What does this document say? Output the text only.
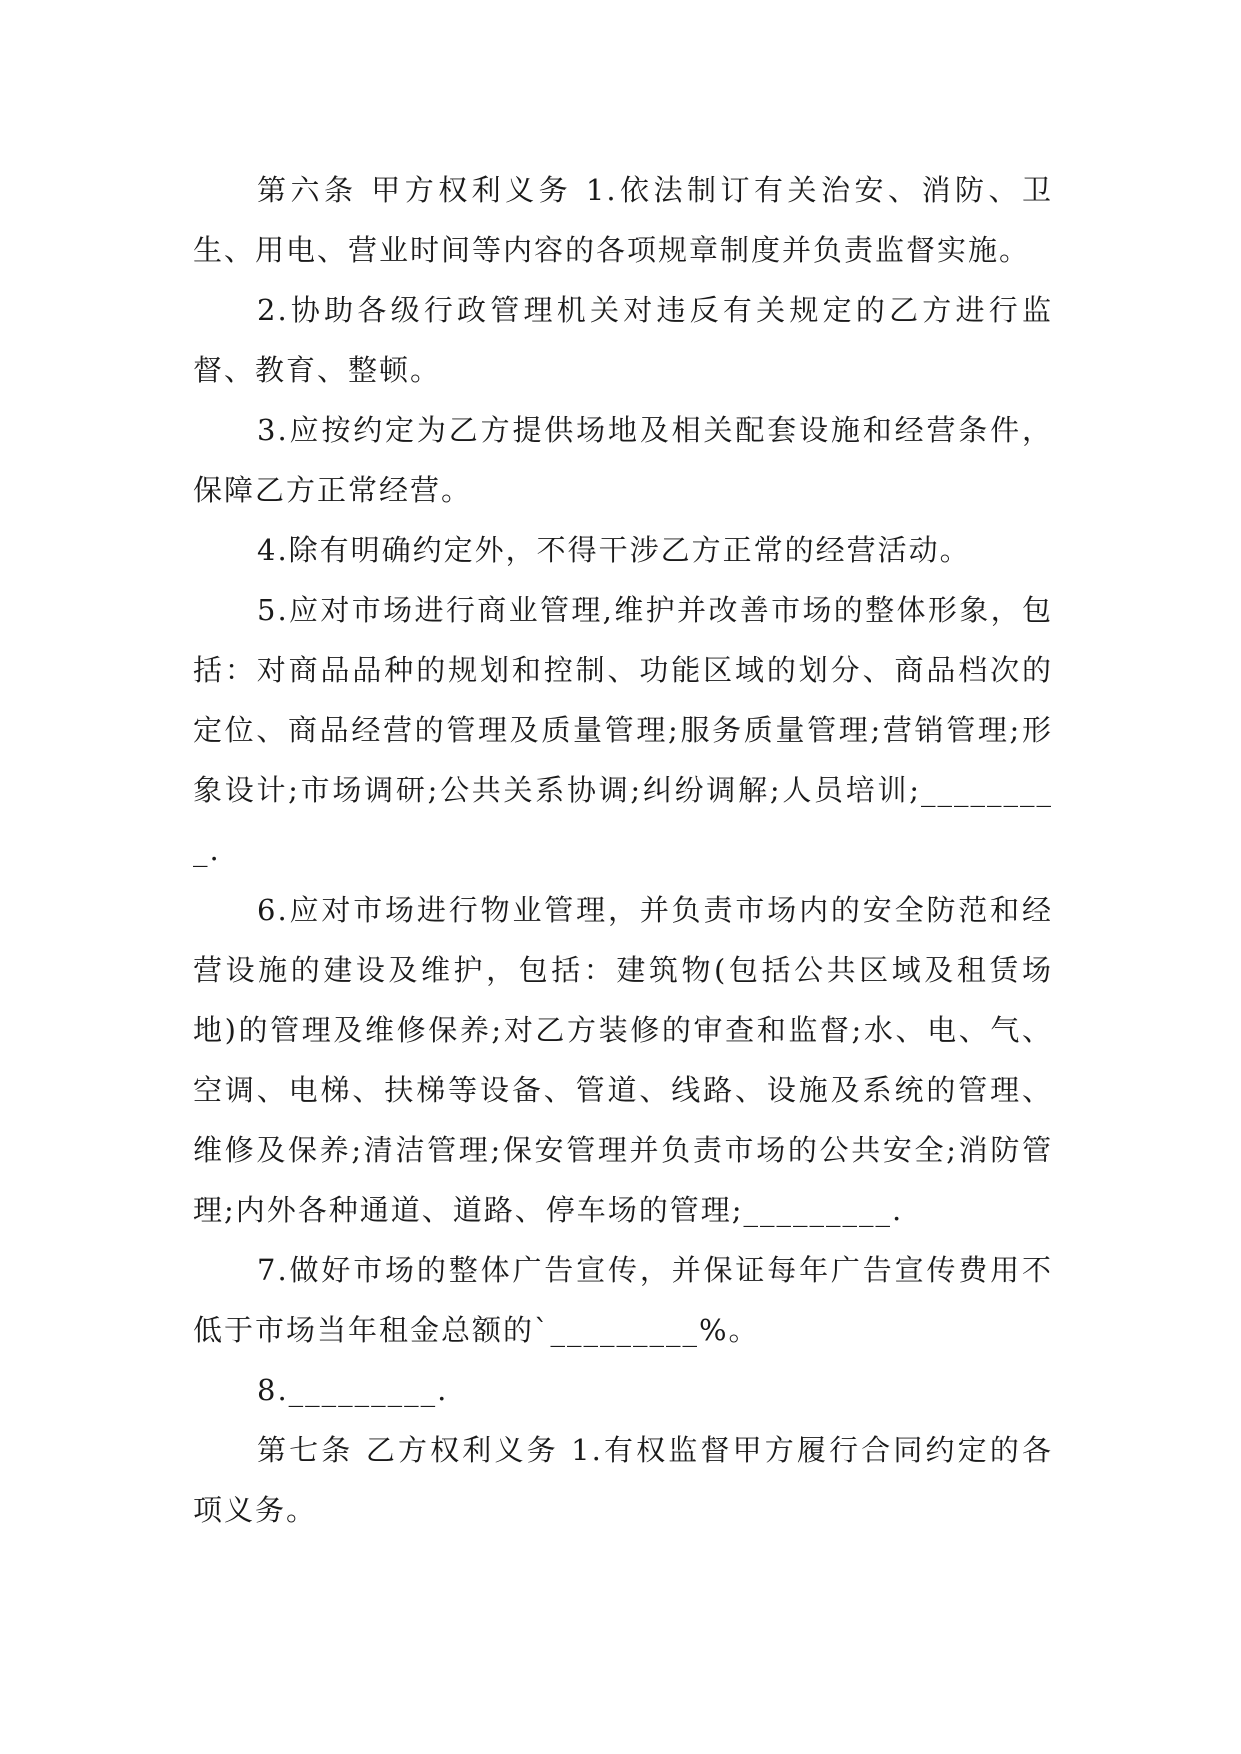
第六条 甲方权利义务 1.依法制订有关治安、消防、卫生、用电、营业时间等内容的各项规章制度并负责监督实施。

2.协助各级行政管理机关对违反有关规定的乙方进行监督、教育、整顿。

3.应按约定为乙方提供场地及相关配套设施和经营条件，保障乙方正常经营。

4.除有明确约定外，不得干涉乙方正常的经营活动。

5.应对市场进行商业管理,维护并改善市场的整体形象，包括：对商品品种的规划和控制、功能区域的划分、商品档次的定位、商品经营的管理及质量管理;服务质量管理;营销管理;形象设计;市场调研;公共关系协调;纠纷调解;人员培训;_________.

6.应对市场进行物业管理，并负责市场内的安全防范和经营设施的建设及维护，包括：建筑物(包括公共区域及租赁场地)的管理及维修保养;对乙方装修的审查和监督;水、电、气、空调、电梯、扶梯等设备、管道、线路、设施及系统的管理、维修及保养;清洁管理;保安管理并负责市场的公共安全;消防管理;内外各种通道、道路、停车场的管理;_________.

7.做好市场的整体广告宣传，并保证每年广告宣传费用不低于市场当年租金总额的`_________%。

8._________.

第七条 乙方权利义务 1.有权监督甲方履行合同约定的各项义务。
